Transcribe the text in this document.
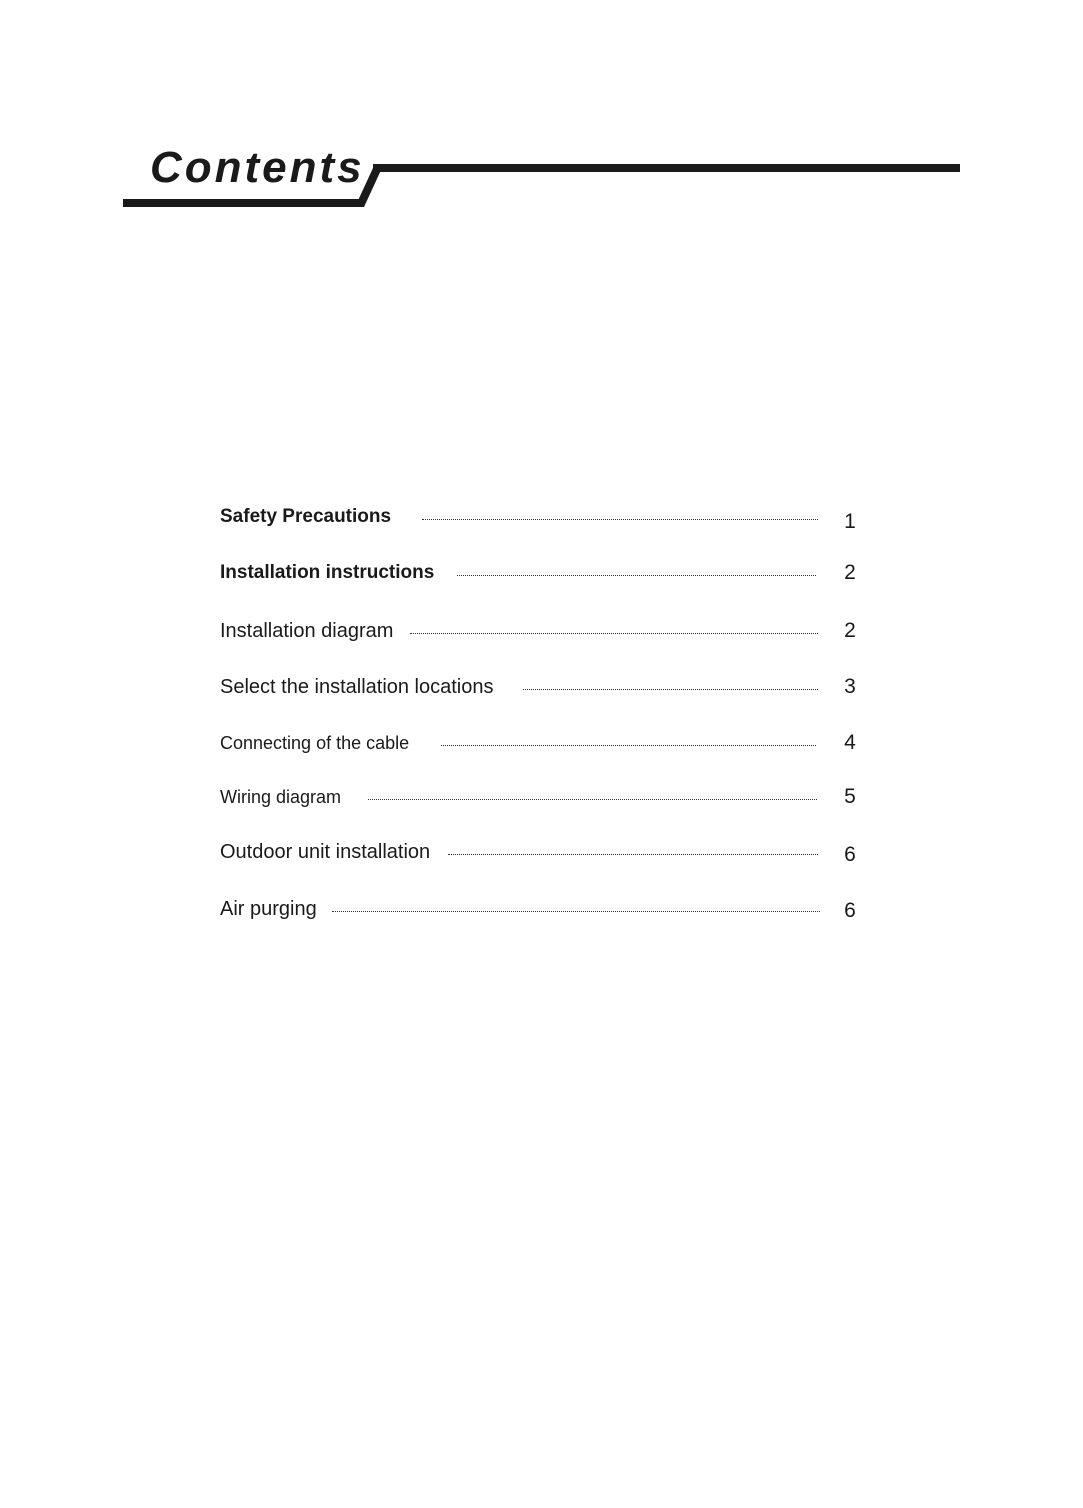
Contents
Safety Precautions	1
Installation instructions	2
Installation diagram	2
Select the installation locations	3
Connecting of the cable	4
Wiring diagram	5
Outdoor unit installation	6
Air purging	6
